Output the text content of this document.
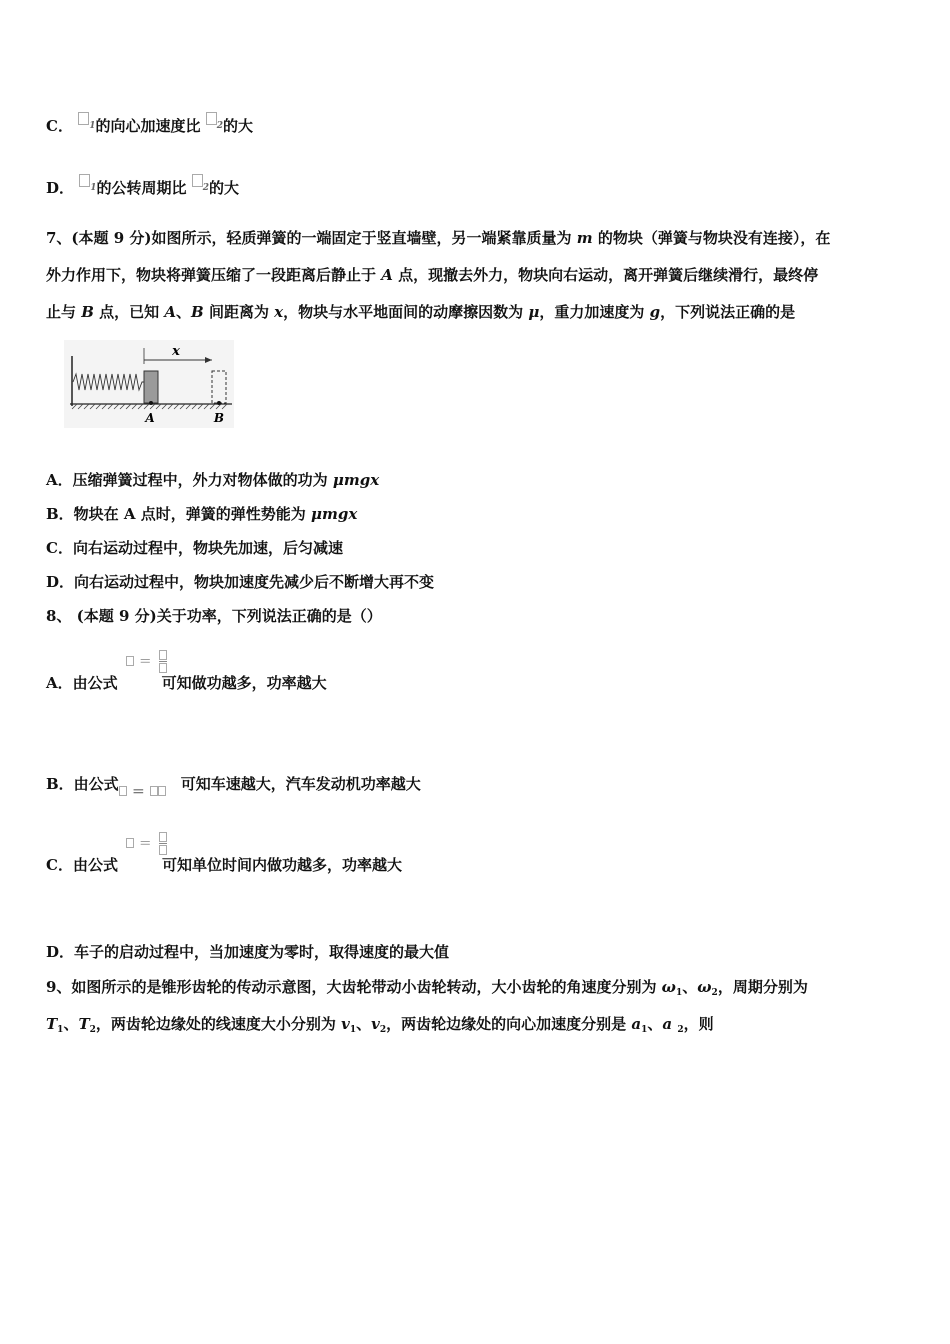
C． $^1$的向心加速度比 $^2$的大
D． $^1$的公转周期比 $^2$的大
7、(本题 9 分)如图所示，轻质弹簧的一端固定于竖直墙壁，另一端紧靠质量为 m 的物块（弹簧与物块没有连接），在
外力作用下，物块将弹簧压缩了一段距离后静止于 A 点，现撤去外力，物块向右运动，离开弹簧后继续滑行，最终停
止与 B 点，已知 A、B 间距离为 x，物块与水平地面间的动摩擦因数为 μ，重力加速度为 g，下列说法正确的是
x
A	B
A．压缩弹簧过程中，外力对物体做的功为 μmgx
B．物块在 A 点时，弹簧的弹性势能为 μmgx
C．向右运动过程中，物块先加速，后匀减速
D．向右运动过程中，物块加速度先减少后不断增大再不变
8、 (本题 9 分)关于功率，下列说法正确的是（）
＝
A．由公式	可知做功越多，功率越大
B．由公式	＝	可知车速越大，汽车发动机功率越大
＝
C．由公式	可知单位时间内做功越多，功率越大
D．车子的启动过程中，当加速度为零时，取得速度的最大值
9、如图所示的是锥形齿轮的传动示意图，大齿轮带动小齿轮转动，大小齿轮的角速度分别为 $\omega_1$、$\omega_2$，周期分别为
$T_1$、$T_2$，两齿轮边缘处的线速度大小分别为 $v_1$、$v_2$，两齿轮边缘处的向心加速度分别是 $a_1$、a $_2$，则
